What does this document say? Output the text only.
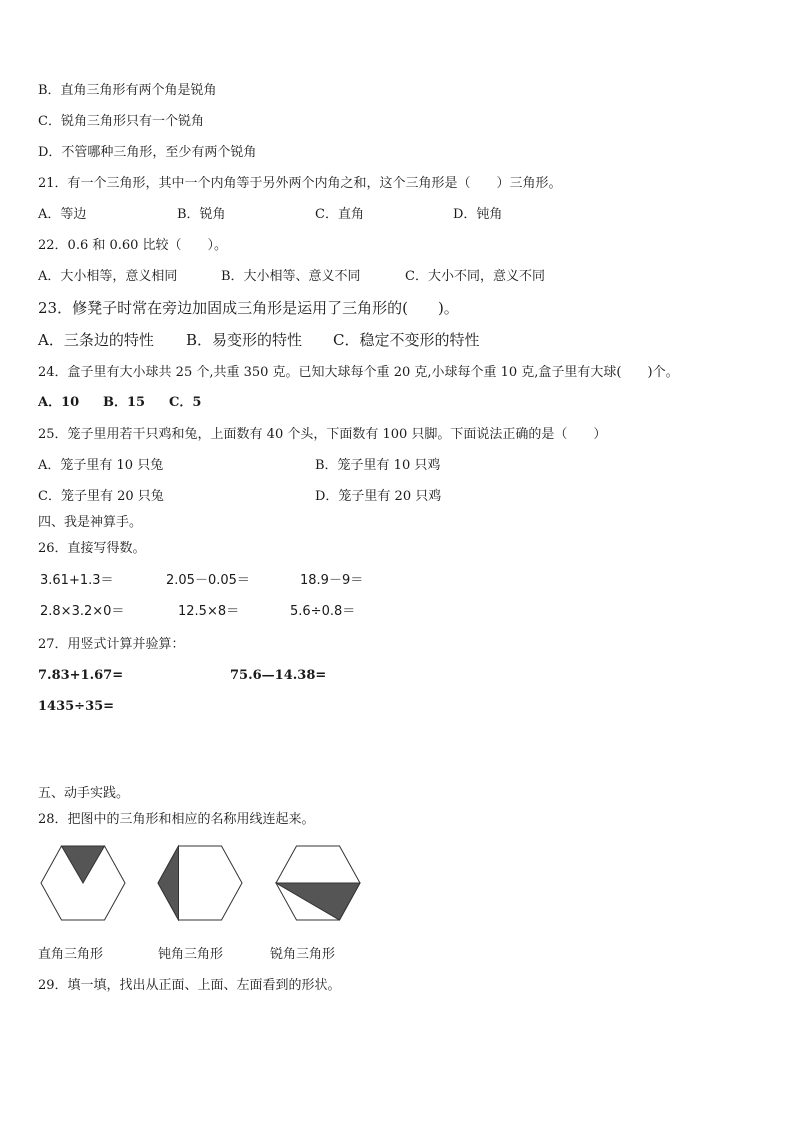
B．直角三角形有两个角是锐角
C．锐角三角形只有一个锐角
D．不管哪种三角形，至少有两个锐角
21．有一个三角形，其中一个内角等于另外两个内角之和，这个三角形是（　　）三角形。
A．等边	B．锐角	C．直角	D．钝角
22．0.6 和 0.60 比较（　　）。
A．大小相等，意义相同	B．大小相等、意义不同	C．大小不同，意义不同
23．修凳子时常在旁边加固成三角形是运用了三角形的(　　)。
A．三条边的特性 B．易变形的特性 C．稳定不变形的特性
24．盒子里有大小球共 25 个,共重 350 克。已知大球每个重 20 克,小球每个重 10 克,盒子里有大球(　　)个。
A．10 B．15 C．5
25．笼子里用若干只鸡和兔，上面数有 40 个头，下面数有 100 只脚。下面说法正确的是（　　）
A．笼子里有 10 只兔	B．笼子里有 10 只鸡
C．笼子里有 20 只兔	D．笼子里有 20 只鸡
四、我是神算手。
26．直接写得数。
3.61+1.3＝	2.05－0.05＝	18.9－9＝
2.8×3.2×0＝	12.5×8＝	5.6÷0.8＝
27．用竖式计算并验算：
7.83+1.67=	75.6—14.38=
1435÷35=
五、动手实践。
28．把图中的三角形和相应的名称用线连起来。
直角三角形	钝角三角形	锐角三角形
29．填一填，找出从正面、上面、左面看到的形状。
